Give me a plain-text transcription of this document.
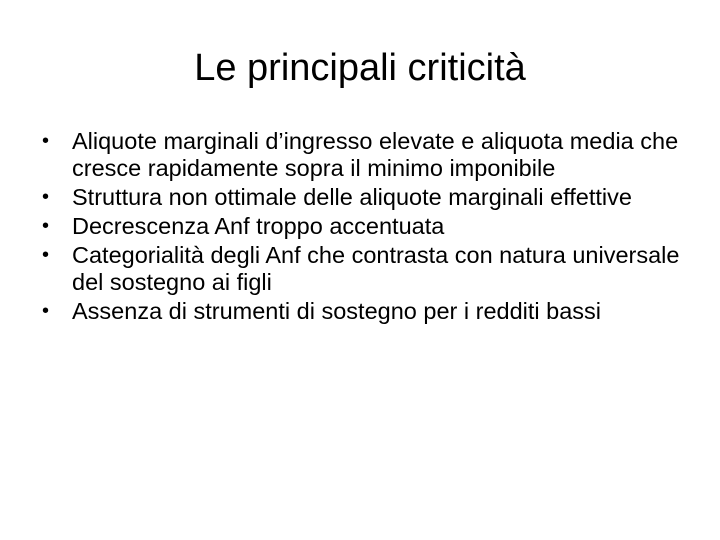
Le principali criticità
• Aliquote marginali d’ingresso elevate e aliquota media che cresce rapidamente sopra il minimo imponibile
• Struttura non ottimale delle aliquote marginali effettive
• Decrescenza Anf troppo accentuata
• Categorialità degli Anf che contrasta con natura universale del sostegno ai figli
• Assenza di strumenti di sostegno per i redditi bassi
